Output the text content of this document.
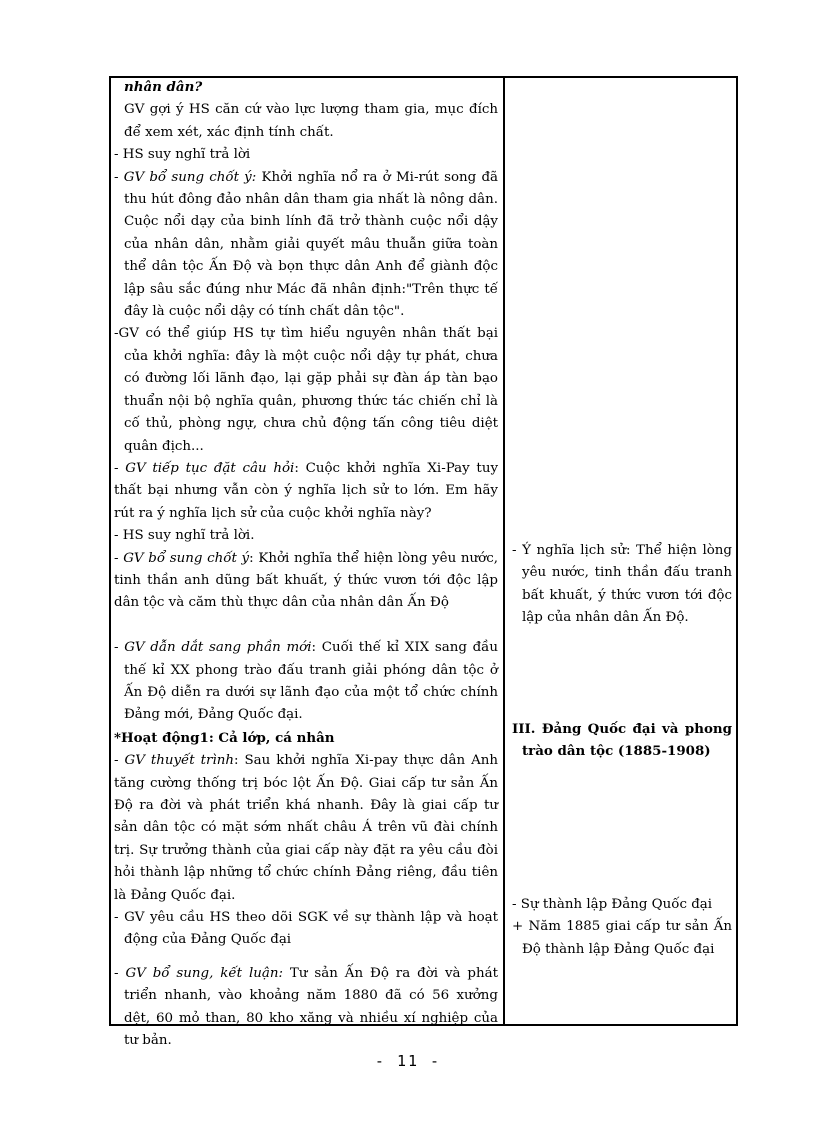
nhân dân?
GV gợi ý HS căn cứ vào lực lượng tham gia, mục đích để xem xét, xác định tính chất.
- HS suy nghĩ trả lời
- GV bổ sung chốt ý: Khởi nghĩa nổ ra ở Mi-rút song đã thu hút đông đảo nhân dân tham gia nhất là nông dân. Cuộc nổi dạy của binh lính đã trở thành cuộc nổi dậy của nhân dân, nhằm giải quyết mâu thuẫn giữa toàn thể dân tộc Ấn Độ và bọn thực dân Anh để giành độc lập sâu sắc đúng như Mác đã nhân định:"Trên thực tế đây là cuộc nổi dậy có tính chất dân tộc".
-GV có thể giúp HS tự tìm hiểu nguyên nhân thất bại của khởi nghĩa: đây là một cuộc nổi dậy tự phát, chưa có đường lối lãnh đạo, lại gặp phải sự đàn áp tàn bạo thuẩn nội bộ nghĩa quân, phương thức tác chiến chỉ là cố thủ, phòng ngự, chưa chủ động tấn công tiêu diệt quân địch...
- GV tiếp tục đặt câu hỏi: Cuộc khởi nghĩa Xi-Pay tuy thất bại nhưng vẫn còn ý nghĩa lịch sử to lớn. Em hãy rút ra ý nghĩa lịch sử của cuộc khởi nghĩa này?
- HS suy nghĩ trả lời.
- GV bổ sung chốt ý: Khởi nghĩa thể hiện lòng yêu nước, tinh thần anh dũng bất khuất, ý thức vươn tới độc lập dân tộc và căm thù thực dân của nhân dân Ấn Độ
- GV dẫn dắt sang phần mới: Cuối thế kỉ XIX sang đầu thế kỉ XX phong trào đấu tranh giải phóng dân tộc ở Ấn Độ diễn ra dưới sự lãnh đạo của một tổ chức chính Đảng mới, Đảng Quốc đại.
*Hoạt động1: Cả lớp, cá nhân
- GV thuyết trình: Sau khởi nghĩa Xi-pay thực dân Anh tăng cường thống trị bóc lột Ấn Độ. Giai cấp tư sản Ấn Độ ra đời và phát triển khá nhanh. Đây là giai cấp tư sản dân tộc có mặt sớm nhất châu Á trên vũ đài chính trị. Sự trưởng thành của giai cấp này đặt ra yêu cầu đòi hỏi thành lập những tổ chức chính Đảng riêng, đầu tiên là Đảng Quốc đại.
- GV yêu cầu HS theo dõi SGK về sự thành lập và hoạt động của Đảng Quốc đại
- GV bổ sung, kết luận: Tư sản Ấn Độ ra đời và phát triển nhanh, vào khoảng năm 1880 đã có 56 xưởng dệt, 60 mỏ than, 80 kho xăng và nhiều xí nghiệp của tư bản.
- Ý nghĩa lịch sử: Thể hiện lòng yêu nước, tinh thần đấu tranh bất khuất, ý thức vươn tới độc lập của nhân dân Ấn Độ.
III. Đảng Quốc đại và phong trào dân tộc (1885-1908)
- Sự thành lập Đảng Quốc đại
+ Năm 1885 giai cấp tư sản Ấn Độ thành lập Đảng Quốc đại
- 11 -
